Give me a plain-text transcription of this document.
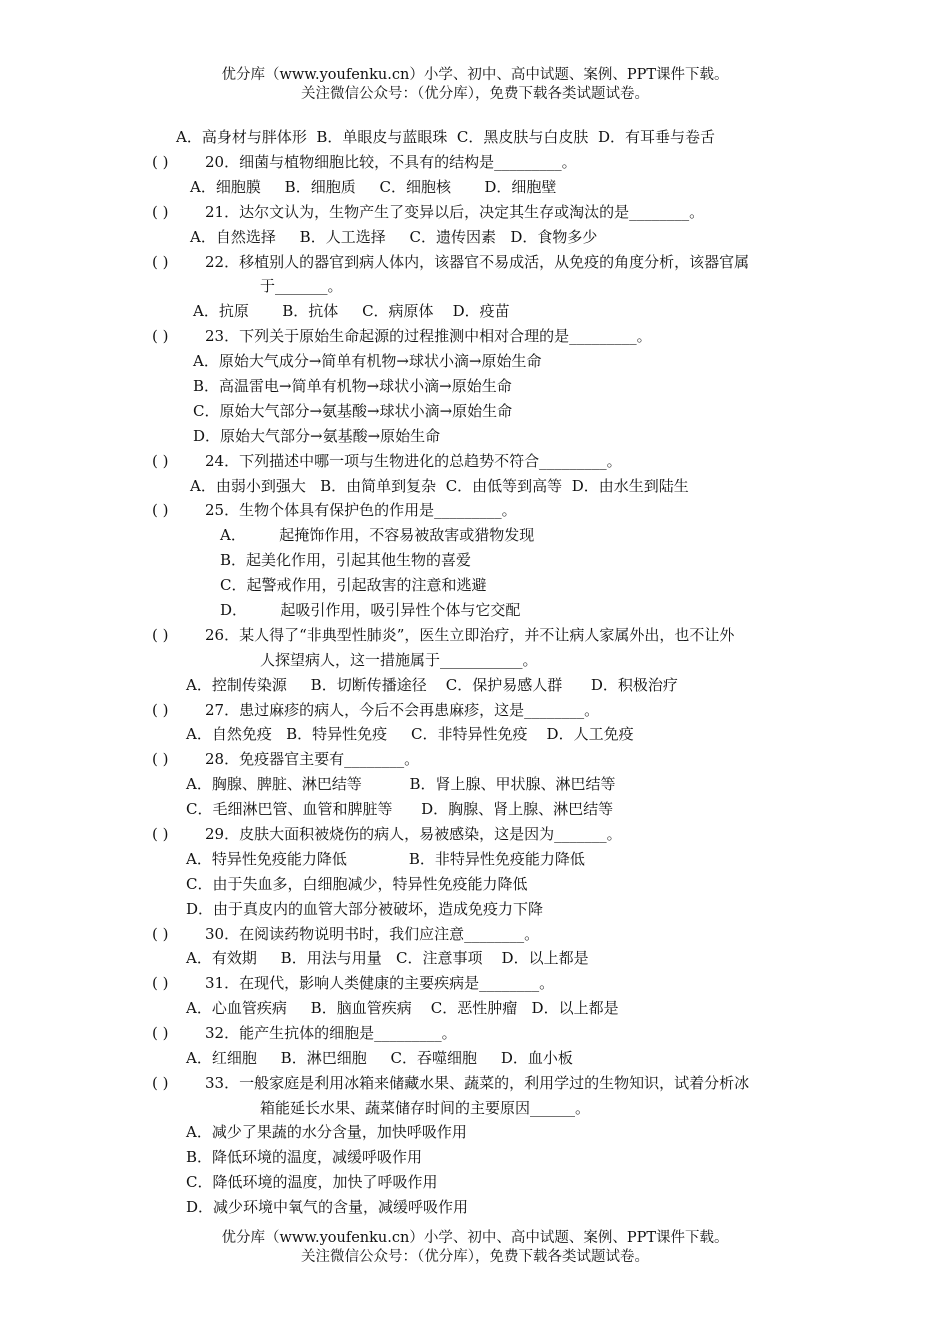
优分库（www.youfenku.cn）小学、初中、高中试题、案例、PPT课件下载。
关注微信公众号：（优分库），免费下载各类试题试卷。
A．高身材与胖体形  B．单眼皮与蓝眼珠  C．黑皮肤与白皮肤  D．有耳垂与卷舌
( ) 20．细菌与植物细胞比较，不具有的结构是_________。
A．细胞膜     B．细胞质     C．细胞核       D．细胞壁
( ) 21．达尔文认为，生物产生了变异以后，决定其生存或淘汰的是________。
A．自然选择     B．人工选择     C．遗传因素   D．食物多少
( ) 22．移植别人的器官到病人体内，该器官不易成活，从免疫的角度分析，该器官属
于_______。
A．抗原       B．抗体     C．病原体    D．疫苗
( ) 23．下列关于原始生命起源的过程推测中相对合理的是_________。
A．原始大气成分→简单有机物→球状小滴→原始生命
B．高温雷电→简单有机物→球状小滴→原始生命
C．原始大气部分→氨基酸→球状小滴→原始生命
D．原始大气部分→氨基酸→原始生命
( ) 24．下列描述中哪一项与生物进化的总趋势不符合_________。
A．由弱小到强大   B．由简单到复杂  C．由低等到高等  D．由水生到陆生
( ) 25．生物个体具有保护色的作用是_________。
A．       起掩饰作用，不容易被敌害或猎物发现
B．起美化作用，引起其他生物的喜爱
C．起警戒作用，引起敌害的注意和逃避
D．       起吸引作用，吸引异性个体与它交配
( ) 26．某人得了“非典型性肺炎”，医生立即治疗，并不让病人家属外出，也不让外
人探望病人，这一措施属于___________。
A．控制传染源     B．切断传播途径    C．保护易感人群      D．积极治疗
( ) 27．患过麻疹的病人，今后不会再患麻疹，这是________。
A．自然免疫   B．特异性免疫     C．非特异性免疫    D．人工免疫
( ) 28．免疫器官主要有________。
A．胸腺、脾脏、淋巴结等          B．肾上腺、甲状腺、淋巴结等
C．毛细淋巴管、血管和脾脏等      D．胸腺、肾上腺、淋巴结等
( ) 29．皮肤大面积被烧伤的病人，易被感染，这是因为_______。
A．特异性免疫能力降低             B．非特异性免疫能力降低
C．由于失血多，白细胞减少，特异性免疫能力降低
D．由于真皮内的血管大部分被破坏，造成免疫力下降
( ) 30．在阅读药物说明书时，我们应注意________。
A．有效期     B．用法与用量   C．注意事项    D．以上都是
( ) 31．在现代，影响人类健康的主要疾病是________。
A．心血管疾病     B．脑血管疾病    C．恶性肿瘤   D．以上都是
( ) 32．能产生抗体的细胞是_________。
A．红细胞     B．淋巴细胞     C．吞噬细胞     D．血小板
( ) 33．一般家庭是利用冰箱来储藏水果、蔬菜的，利用学过的生物知识，试着分析冰
箱能延长水果、蔬菜储存时间的主要原因______。
A．减少了果蔬的水分含量，加快呼吸作用
B．降低环境的温度，减缓呼吸作用
C．降低环境的温度，加快了呼吸作用
D．减少环境中氧气的含量，减缓呼吸作用
优分库（www.youfenku.cn）小学、初中、高中试题、案例、PPT课件下载。
关注微信公众号：（优分库），免费下载各类试题试卷。
